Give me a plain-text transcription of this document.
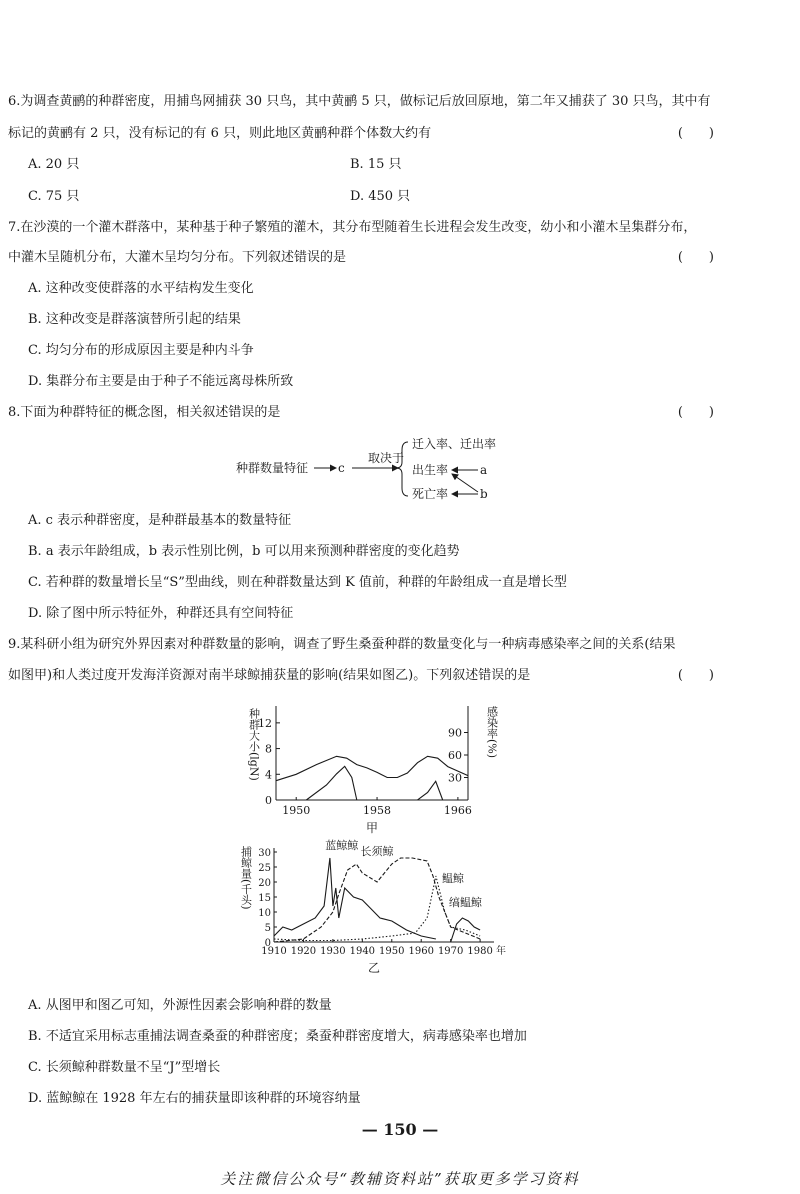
6.为调查黄鹂的种群密度，用捕鸟网捕获 30 只鸟，其中黄鹂 5 只，做标记后放回原地，第二年又捕获了 30 只鸟，其中有
标记的黄鹂有 2 只，没有标记的有 6 只，则此地区黄鹂种群个体数大约有	(　　)
A. 20 只	B. 15 只
C. 75 只	D. 450 只
7.在沙漠的一个灌木群落中，某种基于种子繁殖的灌木，其分布型随着生长进程会发生改变，幼小和小灌木呈集群分布，
中灌木呈随机分布，大灌木呈均匀分布。下列叙述错误的是	(　　)
A. 这种改变使群落的水平结构发生变化
B. 这种改变是群落演替所引起的结果
C. 均匀分布的形成原因主要是种内斗争
D. 集群分布主要是由于种子不能远离母株所致
8.下面为种群特征的概念图，相关叙述错误的是	(　　)
种群数量特征 c
取决于
迁入率、迁出率
出生率
死亡率
a
b
A. c 表示种群密度，是种群最基本的数量特征
B. a 表示年龄组成，b 表示性别比例，b 可以用来预测种群密度的变化趋势
C. 若种群的数量增长呈“S”型曲线，则在种群数量达到 K 值前，种群的年龄组成一直是增长型
D. 除了图中所示特征外，种群还具有空间特征
9.某科研小组为研究外界因素对种群数量的影响，调查了野生桑蚕种群的数量变化与一种病毒感染率之间的关系(结果
如图甲)和人类过度开发海洋资源对南半球鲸捕获量的影响(结果如图乙)。下列叙述错误的是	(　　)
0
4
8
12
30
60
90
1950	1958	1966
种群大小(lgN)	感染率(%)
甲
0
5
10
15
20
25
30
1910 1920 1930 1940 1950 1960 1970 1980 年
捕鲸量(千头)
乙
蓝鲸鲸 长须鲸
鳁鲸
缟鳁鲸
A. 从图甲和图乙可知，外源性因素会影响种群的数量
B. 不适宜采用标志重捕法调查桑蚕的种群密度；桑蚕种群密度增大，病毒感染率也增加
C. 长须鲸种群数量不呈“J”型增长
D. 蓝鲸鲸在 1928 年左右的捕获量即该种群的环境容纳量
— 150 —
关注微信公众号“教辅资料站”获取更多学习资料
